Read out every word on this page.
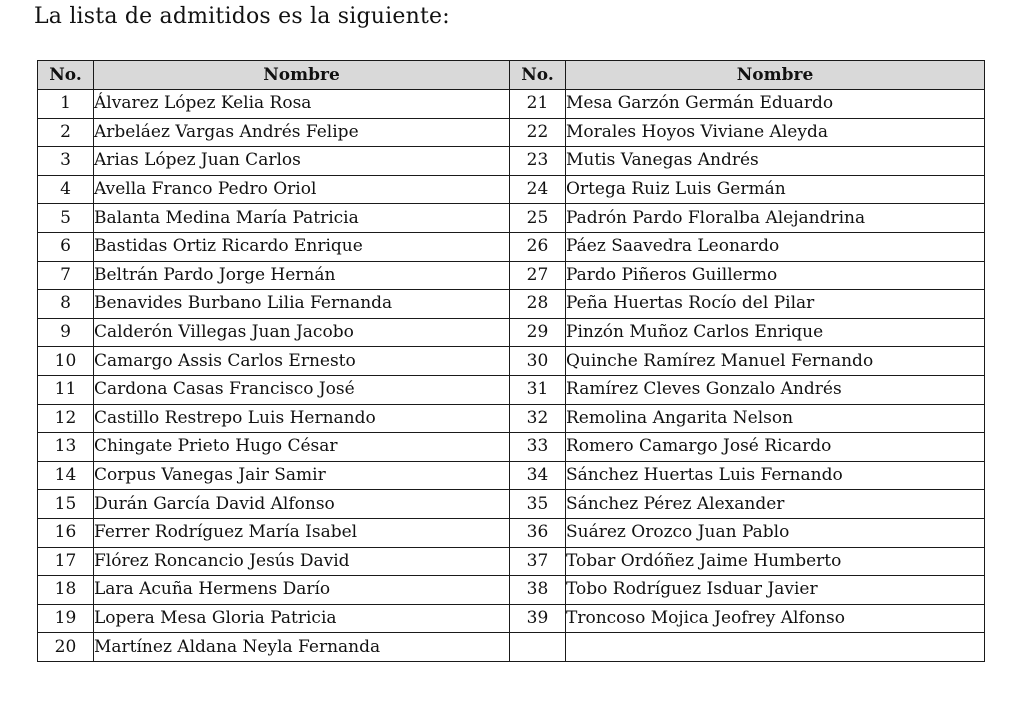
La lista de admitidos es la siguiente:
No.	Nombre	No.	Nombre
1	Álvarez López Kelia Rosa	21	Mesa Garzón Germán Eduardo
2	Arbeláez Vargas Andrés Felipe	22	Morales Hoyos Viviane Aleyda
3	Arias López Juan Carlos	23	Mutis Vanegas Andrés
4	Avella Franco Pedro Oriol	24	Ortega Ruiz Luis Germán
5	Balanta Medina María Patricia	25	Padrón Pardo Floralba Alejandrina
6	Bastidas Ortiz Ricardo Enrique	26	Páez Saavedra Leonardo
7	Beltrán Pardo Jorge Hernán	27	Pardo Piñeros Guillermo
8	Benavides Burbano Lilia Fernanda	28	Peña Huertas Rocío del Pilar
9	Calderón Villegas Juan Jacobo	29	Pinzón Muñoz Carlos Enrique
10	Camargo Assis Carlos Ernesto	30	Quinche Ramírez Manuel Fernando
11	Cardona Casas Francisco José	31	Ramírez Cleves Gonzalo Andrés
12	Castillo Restrepo Luis Hernando	32	Remolina Angarita Nelson
13	Chingate Prieto Hugo César	33	Romero Camargo José Ricardo
14	Corpus Vanegas Jair Samir	34	Sánchez Huertas Luis Fernando
15	Durán García David Alfonso	35	Sánchez Pérez Alexander
16	Ferrer Rodríguez María Isabel	36	Suárez Orozco Juan Pablo
17	Flórez Roncancio Jesús David	37	Tobar Ordóñez Jaime Humberto
18	Lara Acuña Hermens Darío	38	Tobo Rodríguez Isduar Javier
19	Lopera Mesa Gloria Patricia	39	Troncoso Mojica Jeofrey Alfonso
20	Martínez Aldana Neyla Fernanda		
